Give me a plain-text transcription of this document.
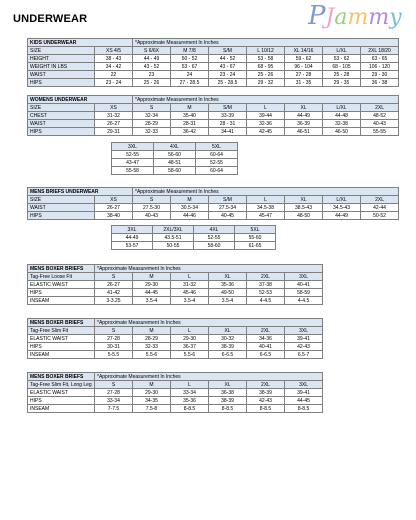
UNDERWEAR	PJammy
KIDS UNDERWEAR		*Approximate Measurement In Inches						
SIZE	XS 4/5	S 6/6X	M 7/8	S/M	L 10/12	XL 14/16	L/XL	2XL 18/20
HEIGHT	38 - 43	44 - 49	50 - 52	44 - 52	53 - 58	59 - 62	53 - 62	63 - 65
WEIGHT IN LBS	34 - 42	43 - 52	53 - 67	43 - 67	68 - 95	96 - 104	68 - 105	106 - 120
WAIST	22	23	24	23 - 24	25 - 26	27 - 28	25 - 28	29 - 30
HIPS	23 - 24	25 - 26	27 - 28.5	25 - 28.5	29 - 32	31 - 35	29 - 35	36 - 38
WOMENS UNDERWEAR		*Approximate Measurement In Inches						
SIZE	XS	S	M	S/M	L	XL	L/XL	2XL
CHEST	31-32	32-34	35-40	33-39	39-44	44-49	44-48	48-52
WAIST	26-27	28-29	28-31	28 - 31	32-36	36-39	32-38	40-43
HIPS	29-31	32-33	36-42	34-41	42-45	46-51	46-50	55-55
3XL	4XL	5XL
52-55	56-60	60-64
43-47	48-51	52-55
55-58	58-60	60-64
MENS BRIEFS UNDERWEAR		*Approximate Measurement In Inches						
SIZE	XS	S	M	S/M	L	XL	L/XL	2XL
WAIST	26-27	27.5-30	30.5-34	27.5-34	34.5-38	38.5-43	34.5-43	42-44
HIPS	38-40	40-43	44-46	40-45	45-47	48-50	44-49	50-52
3XL	2XL/3XL	4XL	5XL
44-49	43.5-51	52-55	55-60
53-57	50-55	58-60	61-65
MENS BOXER BRIEFS	*Approximate Measurement In Inches					
Tag-Free Loose Fit	S	M	L	XL	2XL	3XL
ELASTIC WAIST	26-27	29-30	31-32	35-36	37-38	40-41
HIPS	41-42	44-45	45-46	49-50	52-53	58-59
INSEAM	3-3.25	3.5-4	3.5-4	3.5-4	4-4.5	4-4.5
MENS BOXER BRIEFS	*Approximate Measurement In Inches					
Tag-Free Slim Fit	S	M	L	XL	2XL	3XL
ELASTIC WAIST	27-28	28-29	29-30	30-32	34-36	39-41
HIPS	30-31	32-33	36-37	38-39	40-41	42-43
INSEAM	5-5.5	5.5-6	5.5-6	6-6.5	6-6.5	6.5-7
MENS BOXER BRIEFS	*Approximate Measurement In Inches					
Tag-Free Slim Fit, Long Leg	S	M	L	XL	2XL	3XL
ELASTIC WAIST	27-28	29-30	33-34	36-38	38-39	39-41
HIPS	33-34	34-35	35-36	38-39	42-43	44-45
INSEAM	7-7.5	7.5-8	8-8.5	8-8.5	8-8.5	8-8.5
